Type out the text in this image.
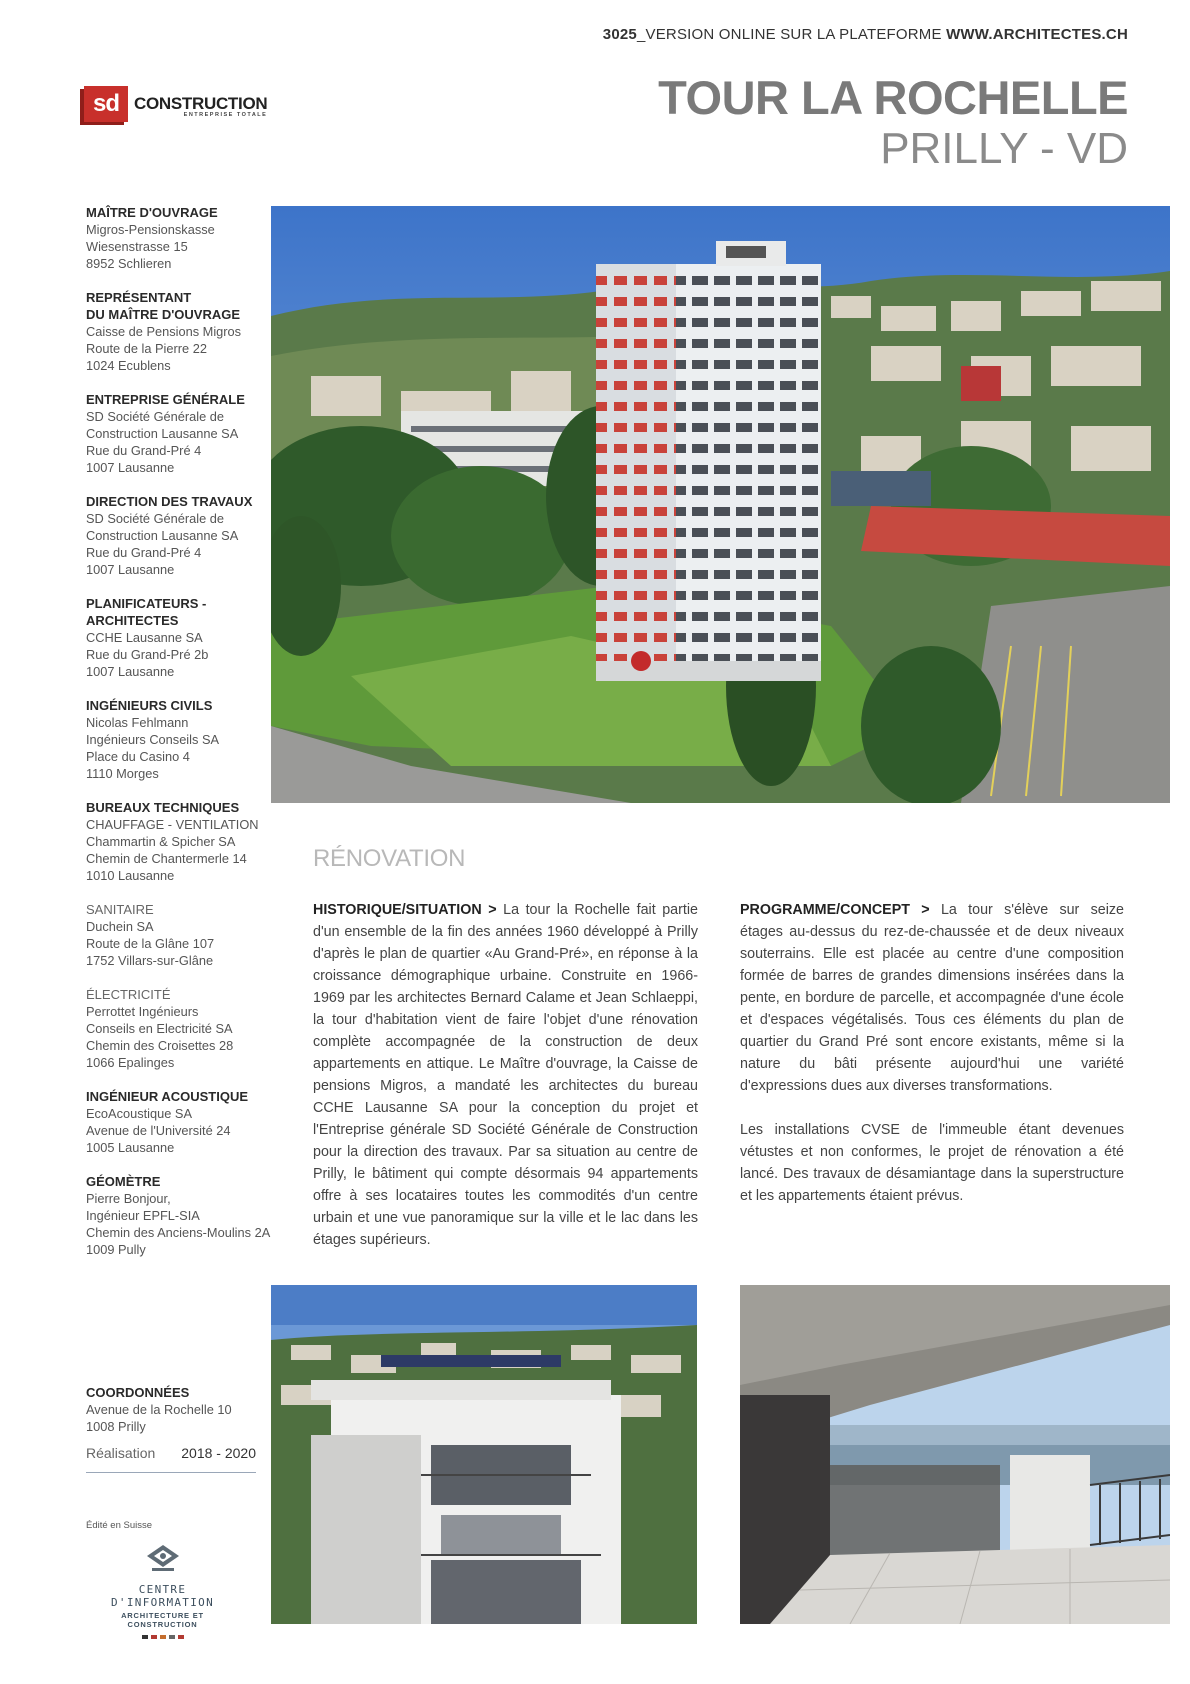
3025_VERSION ONLINE SUR LA PLATEFORME WWW.ARCHITECTES.CH
sd CONSTRUCTION
ENTREPRISE TOTALE	TOUR LA ROCHELLE
PRILLY - VD
MAÎTRE D'OUVRAGE
Migros-Pensionskasse
Wiesenstrasse 15
8952 Schlieren
REPRÉSENTANT
DU MAÎTRE D'OUVRAGE
Caisse de Pensions Migros
Route de la Pierre 22
1024 Ecublens
ENTREPRISE GÉNÉRALE
SD Société Générale de
Construction Lausanne SA
Rue du Grand-Pré 4
1007 Lausanne
DIRECTION DES TRAVAUX
SD Société Générale de
Construction Lausanne SA
Rue du Grand-Pré 4
1007 Lausanne
PLANIFICATEURS -
ARCHITECTES
CCHE Lausanne SA
Rue du Grand-Pré 2b
1007 Lausanne
INGÉNIEURS CIVILS
Nicolas Fehlmann
Ingénieurs Conseils SA
Place du Casino 4
1110 Morges
BUREAUX TECHNIQUES
CHAUFFAGE - VENTILATION
Chammartin & Spicher SA
Chemin de Chantermerle 14
1010 Lausanne
SANITAIRE
Duchein SA
Route de la Glâne 107
1752 Villars-sur-Glâne
ÉLECTRICITÉ
Perrottet Ingénieurs
Conseils en Electricité SA
Chemin des Croisettes 28
1066 Epalinges
INGÉNIEUR ACOUSTIQUE
EcoAcoustique SA
Avenue de l'Université 24
1005 Lausanne
GÉOMÈTRE
Pierre Bonjour,
Ingénieur EPFL-SIA
Chemin des Anciens-Moulins 2A
1009 Pully
COORDONNÉES
Avenue de la Rochelle 10
1008 Prilly
Réalisation 2018 - 2020
Édité en Suisse
CENTRE D'INFORMATION
ARCHITECTURE ET CONSTRUCTION
RÉNOVATION

HISTORIQUE/SITUATION > La tour la Rochelle fait partie d'un ensemble de la fin des années 1960 développé à Prilly d'après le plan de quartier «Au Grand-Pré», en réponse à la croissance démographique urbaine. Construite en 1966-1969 par les architectes Bernard Calame et Jean Schlaeppi, la tour d'habitation vient de faire l'objet d'une rénovation complète accompagnée de la construction de deux appartements en attique. Le Maître d'ouvrage, la Caisse de pensions Migros, a mandaté les architectes du bureau CCHE Lausanne SA pour la conception du projet et l'Entreprise générale SD Société Générale de Construction pour la direction des travaux. Par sa situation au centre de Prilly, le bâtiment qui compte désormais 94 appartements offre à ses locataires toutes les commodités d'un centre urbain et une vue panoramique sur la ville et le lac dans les étages supérieurs.

PROGRAMME/CONCEPT > La tour s'élève sur seize étages au-dessus du rez-de-chaussée et de deux niveaux souterrains. Elle est placée au centre d'une composition formée de barres de grandes dimensions insérées dans la pente, en bordure de parcelle, et accompagnée d'une école et d'espaces végétalisés. Tous ces éléments du plan de quartier du Grand Pré sont encore existants, même si la nature du bâti présente aujourd'hui une variété d'expressions dues aux diverses transformations.

Les installations CVSE de l'immeuble étant devenues vétustes et non conformes, le projet de rénovation a été lancé. Des travaux de désamiantage dans la superstructure et les appartements étaient prévus.
